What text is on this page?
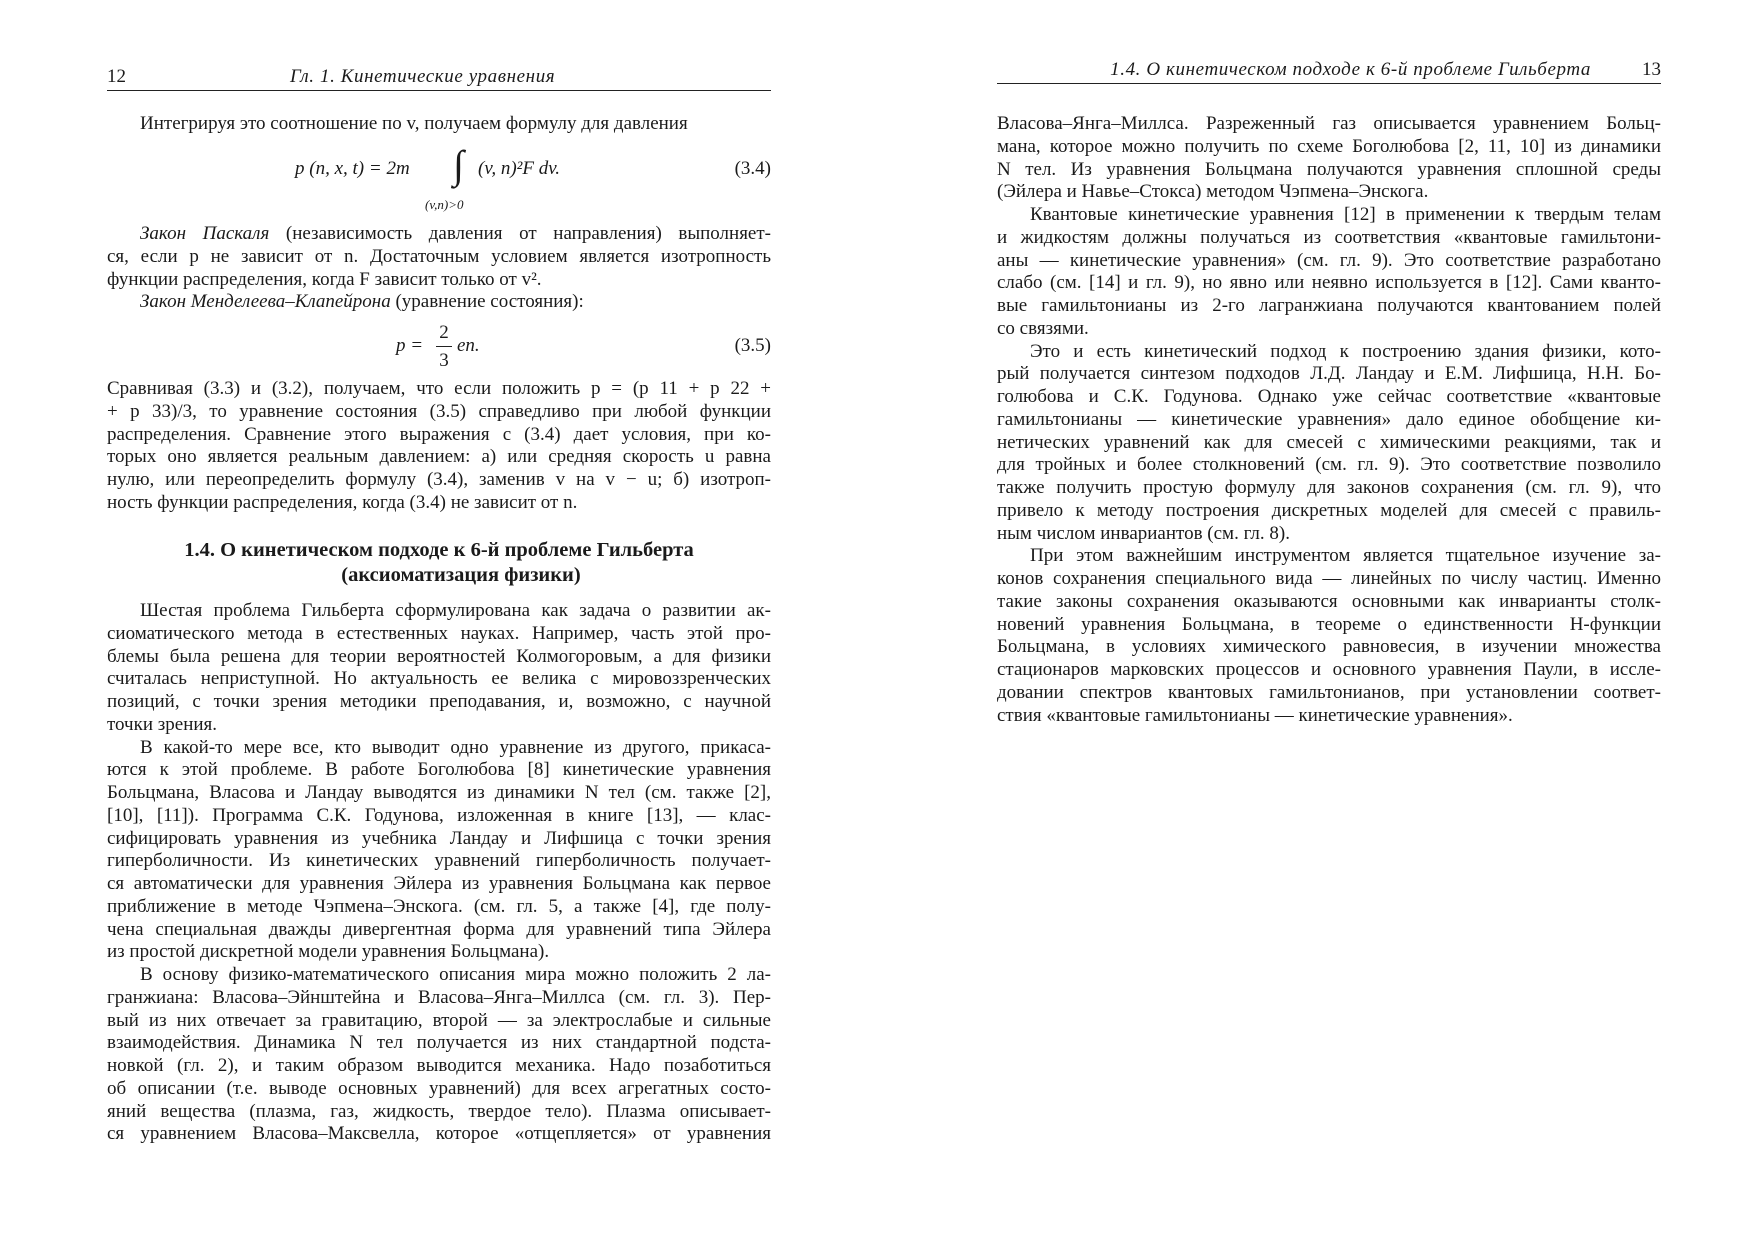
12	Гл. 1. Кинетические уравнения
Интегрируя это соотношение по v, получаем формулу для давления
p (n, x, t) = 2m ∫ (v, n)²F dv.
(v,n)>0
(3.4)
Закон Паскаля (независимость давления от направления) выполняет-
ся, если p не зависит от n. Достаточным условием является изотропность
функции распределения, когда F зависит только от v².
Закон Менделеева–Клапейрона (уравнение состояния):
p =
2
3
en.	(3.5)
Сравнивая (3.3) и (3.2), получаем, что если положить p = (p 11 + p 22 +
+ p 33)/3, то уравнение состояния (3.5) справедливо при любой функции
распределения. Сравнение этого выражения с (3.4) дает условия, при ко-
торых оно является реальным давлением: а) или средняя скорость u равна
нулю, или переопределить формулу (3.4), заменив v на v − u; б) изотроп-
ность функции распределения, когда (3.4) не зависит от n.
1.4. О кинетическом подходе к 6-й проблеме Гильберта
(аксиоматизация физики)
Шестая проблема Гильберта сформулирована как задача о развитии ак-
сиоматического метода в естественных науках. Например, часть этой про-
блемы была решена для теории вероятностей Колмогоровым, а для физики
считалась неприступной. Но актуальность ее велика с мировоззренческих
позиций, с точки зрения методики преподавания, и, возможно, с научной
точки зрения.
В какой-то мере все, кто выводит одно уравнение из другого, прикаса-
ются к этой проблеме. В работе Боголюбова [8] кинетические уравнения
Больцмана, Власова и Ландау выводятся из динамики N тел (см. также [2],
[10], [11]). Программа С.К. Годунова, изложенная в книге [13], — клас-
сифицировать уравнения из учебника Ландау и Лифшица с точки зрения
гиперболичности. Из кинетических уравнений гиперболичность получает-
ся автоматически для уравнения Эйлера из уравнения Больцмана как первое
приближение в методе Чэпмена–Энскога. (см. гл. 5, а также [4], где полу-
чена специальная дважды дивергентная форма для уравнений типа Эйлера
из простой дискретной модели уравнения Больцмана).
В основу физико-математического описания мира можно положить 2 ла-
гранжиана: Власова–Эйнштейна и Власова–Янга–Миллса (см. гл. 3). Пер-
вый из них отвечает за гравитацию, второй — за электрослабые и сильные
взаимодействия. Динамика N тел получается из них стандартной подста-
новкой (гл. 2), и таким образом выводится механика. Надо позаботиться
об описании (т.е. выводе основных уравнений) для всех агрегатных состо-
яний вещества (плазма, газ, жидкость, твердое тело). Плазма описывает-
ся уравнением Власова–Максвелла, которое «отщепляется» от уравнения
1.4. О кинетическом подходе к 6-й проблеме Гильберта	13
Власова–Янга–Миллса. Разреженный газ описывается уравнением Больц-
мана, которое можно получить по схеме Боголюбова [2, 11, 10] из динамики
N тел. Из уравнения Больцмана получаются уравнения сплошной среды
(Эйлера и Навье–Стокса) методом Чэпмена–Энскога.
Квантовые кинетические уравнения [12] в применении к твердым телам
и жидкостям должны получаться из соответствия «квантовые гамильтони-
аны — кинетические уравнения» (см. гл. 9). Это соответствие разработано
слабо (см. [14] и гл. 9), но явно или неявно используется в [12]. Сами кванто-
вые гамильтонианы из 2-го лагранжиана получаются квантованием полей
со связями.
Это и есть кинетический подход к построению здания физики, кото-
рый получается синтезом подходов Л.Д. Ландау и Е.М. Лифшица, Н.Н. Бо-
голюбова и С.К. Годунова. Однако уже сейчас соответствие «квантовые
гамильтонианы — кинетические уравнения» дало единое обобщение ки-
нетических уравнений как для смесей с химическими реакциями, так и
для тройных и более столкновений (см. гл. 9). Это соответствие позволило
также получить простую формулу для законов сохранения (см. гл. 9), что
привело к методу построения дискретных моделей для смесей с правиль-
ным числом инвариантов (см. гл. 8).
При этом важнейшим инструментом является тщательное изучение за-
конов сохранения специального вида — линейных по числу частиц. Именно
такие законы сохранения оказываются основными как инварианты столк-
новений уравнения Больцмана, в теореме о единственности H-функции
Больцмана, в условиях химического равновесия, в изучении множества
стационаров марковских процессов и основного уравнения Паули, в иссле-
довании спектров квантовых гамильтонианов, при установлении соответ-
ствия «квантовые гамильтонианы — кинетические уравнения».
